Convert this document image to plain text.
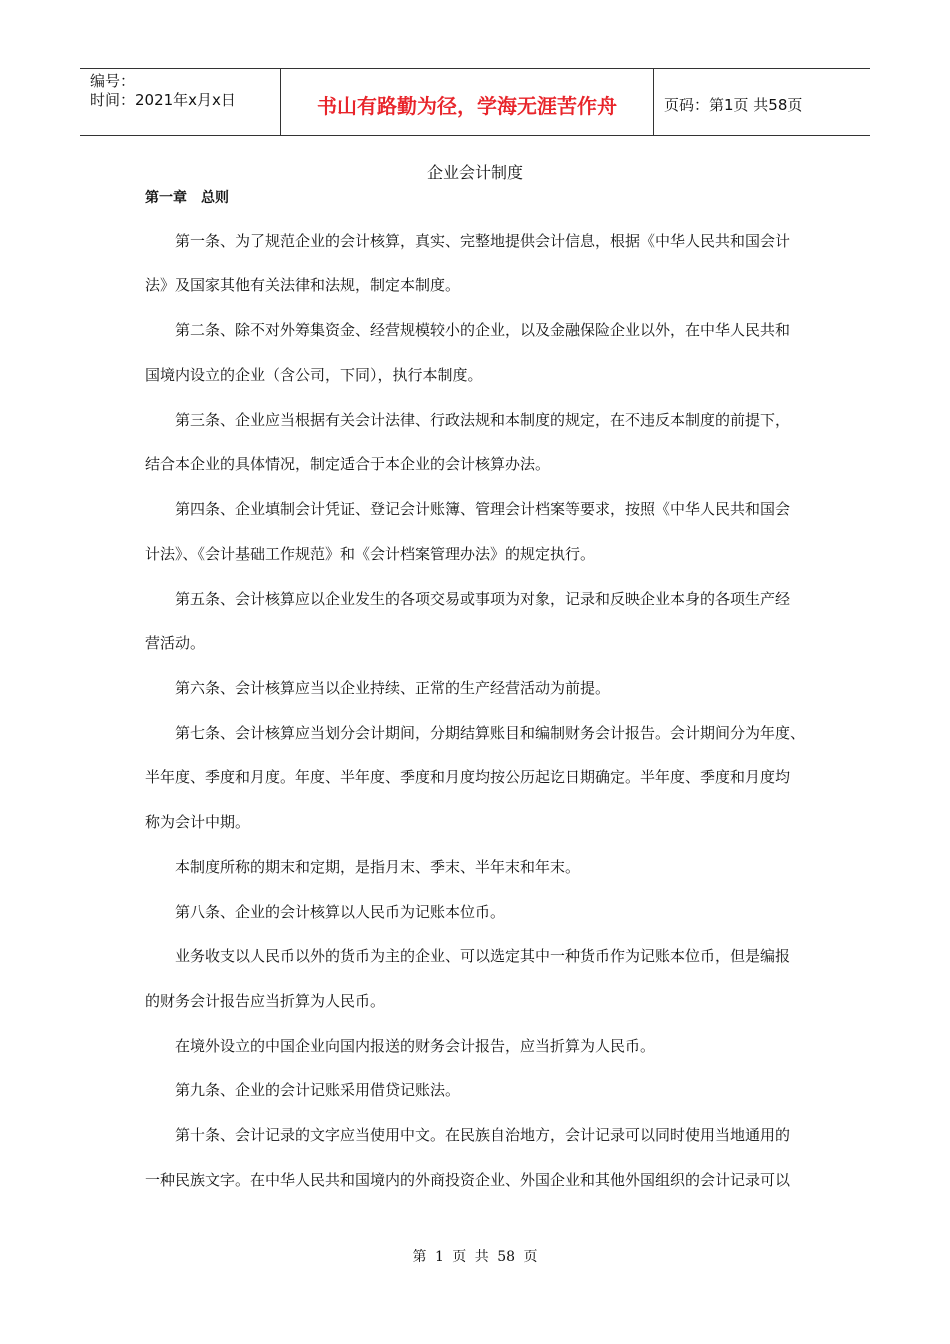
编号：
时间：2021年x月x日	书山有路勤为径，学海无涯苦作舟	页码：第1页 共58页
企业会计制度
第一章　总则
第一条、为了规范企业的会计核算，真实、完整地提供会计信息，根据《中华人民共和国会计
法》及国家其他有关法律和法规，制定本制度。
第二条、除不对外筹集资金、经营规模较小的企业，以及金融保险企业以外，在中华人民共和
国境内设立的企业（含公司，下同），执行本制度。
第三条、企业应当根据有关会计法律、行政法规和本制度的规定，在不违反本制度的前提下，
结合本企业的具体情况，制定适合于本企业的会计核算办法。
第四条、企业填制会计凭证、登记会计账簿、管理会计档案等要求，按照《中华人民共和国会
计法》、《会计基础工作规范》和《会计档案管理办法》的规定执行。
第五条、会计核算应以企业发生的各项交易或事项为对象，记录和反映企业本身的各项生产经
营活动。
第六条、会计核算应当以企业持续、正常的生产经营活动为前提。
第七条、会计核算应当划分会计期间，分期结算账目和编制财务会计报告。会计期间分为年度、
半年度、季度和月度。年度、半年度、季度和月度均按公历起讫日期确定。半年度、季度和月度均
称为会计中期。
本制度所称的期末和定期，是指月末、季末、半年末和年末。
第八条、企业的会计核算以人民币为记账本位币。
业务收支以人民币以外的货币为主的企业、可以选定其中一种货币作为记账本位币，但是编报
的财务会计报告应当折算为人民币。
在境外设立的中国企业向国内报送的财务会计报告，应当折算为人民币。
第九条、企业的会计记账采用借贷记账法。
第十条、会计记录的文字应当使用中文。在民族自治地方，会计记录可以同时使用当地通用的
一种民族文字。在中华人民共和国境内的外商投资企业、外国企业和其他外国组织的会计记录可以
第 1 页 共 58 页
